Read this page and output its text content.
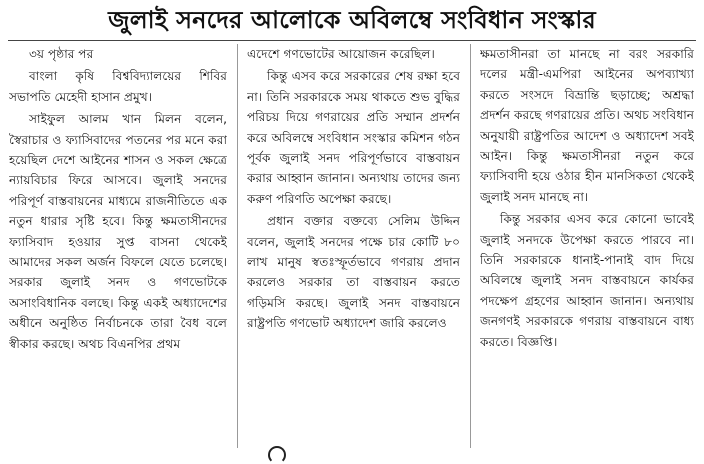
জুলাই সনদের আলোকে অবিলম্বে সংবিধান সংস্কার

৩য় পৃষ্ঠার পর

বাংলা কৃষি বিশ্ববিদ্যালয়ের শিবির সভাপতি মেহেদী হাসান প্রমুখ।

সাইফুল আলম খান মিলন বলেন, স্বৈরাচার ও ফ্যাসিবাদের পতনের পর মনে করা হয়েছিল দেশে আইনের শাসন ও সকল ক্ষেত্রে ন্যায়বিচার ফিরে আসবে। জুলাই সনদের পরিপূর্ণ বাস্তবায়নের মাধ্যমে রাজনীতিতে এক নতুন ধারার সৃষ্টি হবে। কিন্তু ক্ষমতাসীনদের ফ্যাসিবাদ হওয়ার সুপ্ত বাসনা থেকেই আমাদের সকল অর্জন বিফলে যেতে চলেছে। সরকার জুলাই সনদ ও গণভোটকে অসাংবিধানিক বলছে। কিন্তু একই অধ্যাদেশের অধীনে অনুষ্ঠিত নির্বাচনকে তারা বৈধ বলে স্বীকার করছে। অথচ বিএনপির প্রথম

এদেশে গণভোটের আয়োজন করেছিল।

কিন্তু এসব করে সরকারের শেষ রক্ষা হবে না। তিনি সরকারকে সময় থাকতে শুভ বুদ্ধির পরিচয় দিয়ে গণরায়ের প্রতি সম্মান প্রদর্শন করে অবিলম্বে সংবিধান সংস্কার কমিশন গঠন পূর্বক জুলাই সনদ পরিপূর্ণভাবে বাস্তবায়ন করার আহ্বান জানান। অন্যথায় তাদের জন্য করুণ পরিণতি অপেক্ষা করছে।

প্রধান বক্তার বক্তব্যে সেলিম উদ্দিন বলেন, জুলাই সনদের পক্ষে চার কোটি ৮০ লাখ মানুষ স্বতঃস্ফূর্তভাবে গণরায় প্রদান করলেও সরকার তা বাস্তবায়ন করতে গড়িমসি করছে। জুলাই সনদ বাস্তবায়নে রাষ্ট্রপতি গণভোট অধ্যাদেশ জারি করলেও

ক্ষমতাসীনরা তা মানছে না বরং সরকারি দলের মন্ত্রী-এমপিরা আইনের অপব্যাখ্যা করতে সংসদে বিভ্রান্তি ছড়াচ্ছে; অশ্রদ্ধা প্রদর্শন করছে গণরায়ের প্রতি। অথচ সংবিধান অনুযায়ী রাষ্ট্রপতির আদেশ ও অধ্যাদেশ সবই আইন। কিন্তু ক্ষমতাসীনরা নতুন করে ফ্যাসিবাদী হয়ে ওঠার হীন মানসিকতা থেকেই জুলাই সনদ মানছে না।

কিন্তু সরকার এসব করে কোনো ভাবেই জুলাই সনদকে উপেক্ষা করতে পারবে না। তিনি সরকারকে ধানাই-পানাই বাদ দিয়ে অবিলম্বে জুলাই সনদ বাস্তবায়নে কার্যকর পদক্ষেপ গ্রহণের আহ্বান জানান। অন্যথায় জনগণই সরকারকে গণরায় বাস্তবায়নে বাধ্য করতে। বিজ্ঞপ্তি।
